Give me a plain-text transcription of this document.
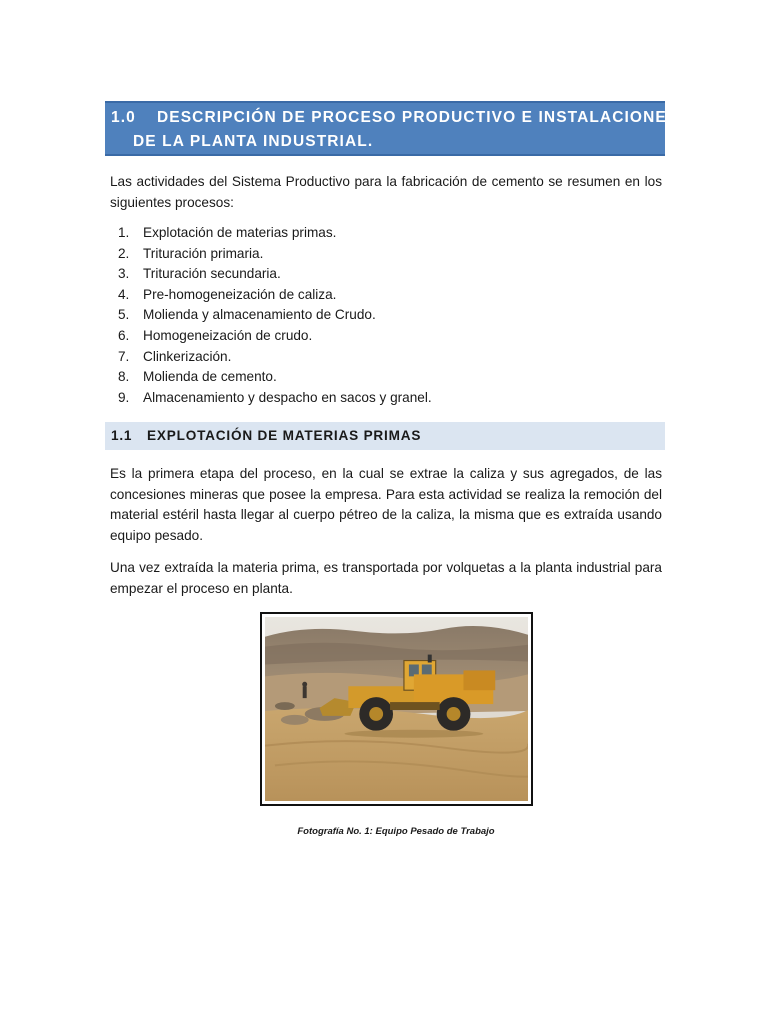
1.0 DESCRIPCIÓN DE PROCESO PRODUCTIVO E INSTALACIONES
DE LA PLANTA INDUSTRIAL.
Las actividades del Sistema Productivo para la fabricación de cemento se resumen en los siguientes procesos:
1. Explotación de materias primas.
2. Trituración primaria.
3. Trituración secundaria.
4. Pre-homogeneización de caliza.
5. Molienda y almacenamiento de Crudo.
6. Homogeneización de crudo.
7. Clinkerización.
8. Molienda de cemento.
9. Almacenamiento y despacho en sacos y granel.
1.1 EXPLOTACIÓN DE MATERIAS PRIMAS
Es la primera etapa del proceso, en la cual se extrae la caliza y sus agregados, de las concesiones mineras que posee la empresa. Para esta actividad se realiza la remoción del material estéril hasta llegar al cuerpo pétreo de la caliza, la misma que es extraída usando equipo pesado.
Una vez extraída la materia prima, es transportada por volquetas a la planta industrial para empezar el proceso en planta.
Fotografía No. 1: Equipo Pesado de Trabajo
